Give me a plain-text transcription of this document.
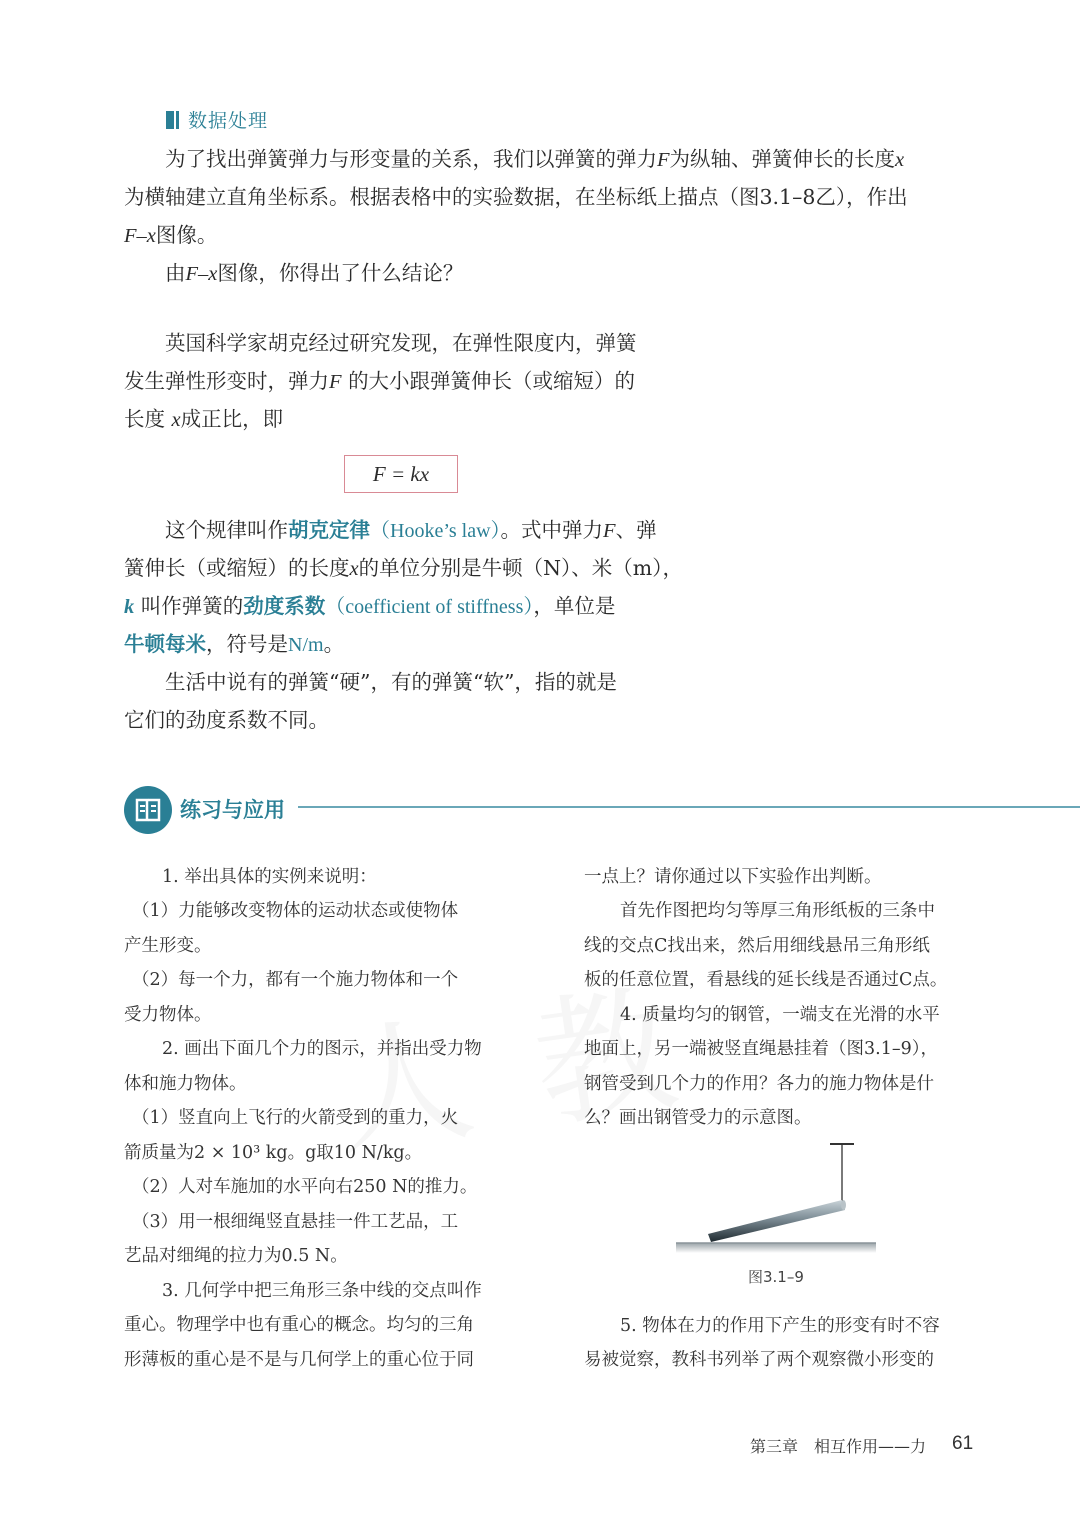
数据处理

为了找出弹簧弹力与形变量的关系，我们以弹簧的弹力F为纵轴、弹簧伸长的长度x

为横轴建立直角坐标系。根据表格中的实验数据，在坐标纸上描点（图3.1–8乙），作出

F–x图像。

由F–x图像，你得出了什么结论？

英国科学家胡克经过研究发现，在弹性限度内，弹簧

发生弹性形变时，弹力F 的大小跟弹簧伸长（或缩短）的

长度 x成正比，即

F = kx

这个规律叫作胡克定律（Hooke’s law）。式中弹力F、弹

簧伸长（或缩短）的长度x的单位分别是牛顿（N）、米（m），

k 叫作弹簧的劲度系数（coefficient of stiffness），单位是

牛顿每米，符号是N/m。

生活中说有的弹簧“硬”，有的弹簧“软”，指的就是

它们的劲度系数不同。

练习与应用

1. 举出具体的实例来说明：

（1）力能够改变物体的运动状态或使物体

产生形变。

（2）每一个力，都有一个施力物体和一个

受力物体。

2. 画出下面几个力的图示，并指出受力物

体和施力物体。

（1）竖直向上飞行的火箭受到的重力，火

箭质量为2 × 10³ kg。g取10 N/kg。

（2）人对车施加的水平向右250 N的推力。

（3）用一根细绳竖直悬挂一件工艺品，工

艺品对细绳的拉力为0.5 N。

3. 几何学中把三角形三条中线的交点叫作

重心。物理学中也有重心的概念。均匀的三角

形薄板的重心是不是与几何学上的重心位于同

一点上？请你通过以下实验作出判断。

首先作图把均匀等厚三角形纸板的三条中

线的交点C找出来，然后用细线悬吊三角形纸

板的任意位置，看悬线的延长线是否通过C点。

4. 质量均匀的钢管，一端支在光滑的水平

地面上，另一端被竖直绳悬挂着（图3.1–9），

钢管受到几个力的作用？各力的施力物体是什

么？画出钢管受力的示意图。

图3.1–9

5. 物体在力的作用下产生的形变有时不容

易被觉察，教科书列举了两个观察微小形变的

第三章　相互作用——力 61
